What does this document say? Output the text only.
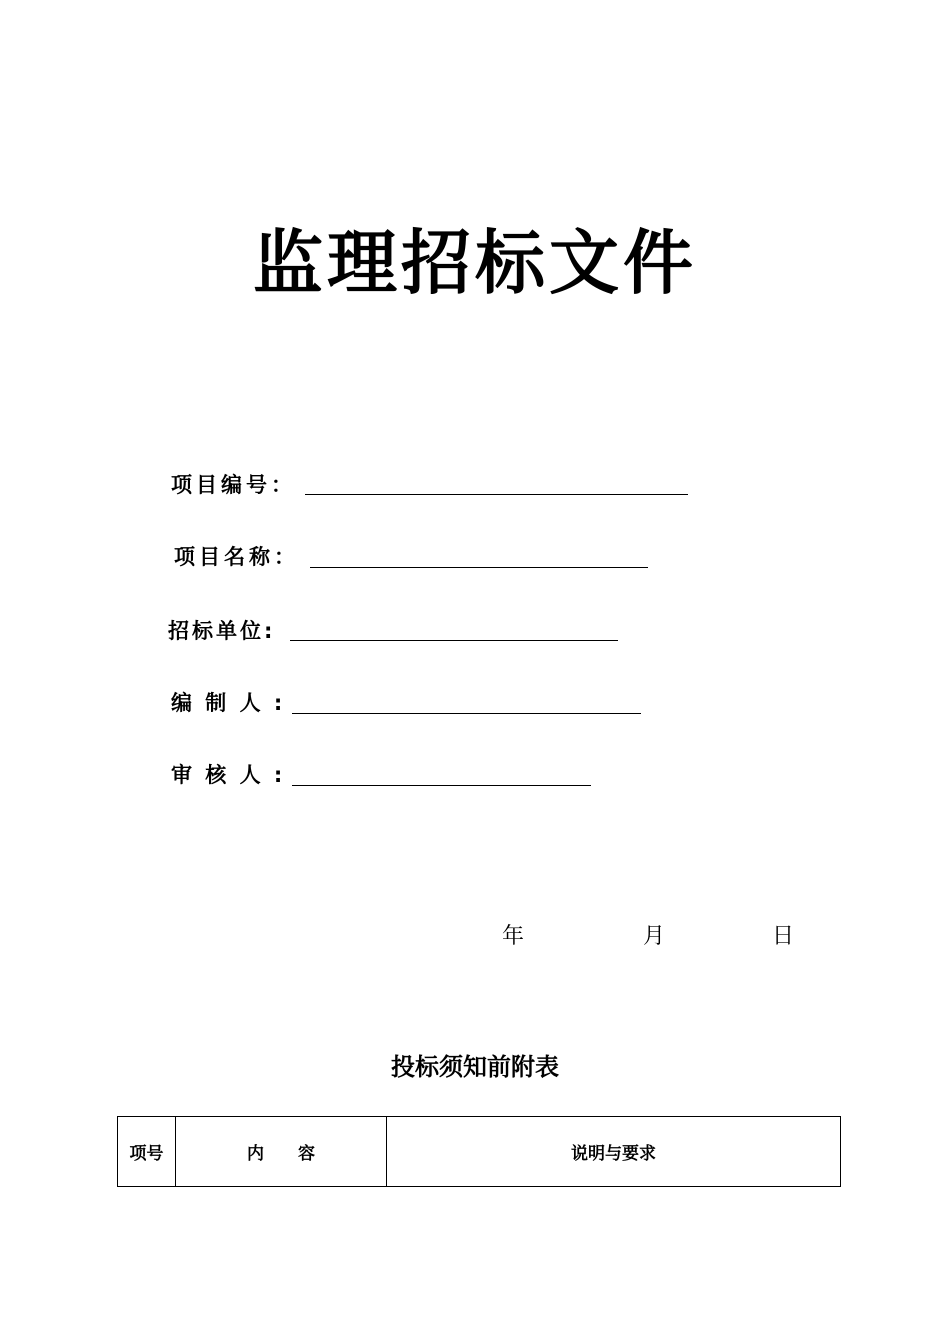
监理招标文件
项目编号：
项目名称：
招标单位:
编 制 人 :
审 核 人 :
年	月	日
投标须知前附表
项号	内　　容	说明与要求
